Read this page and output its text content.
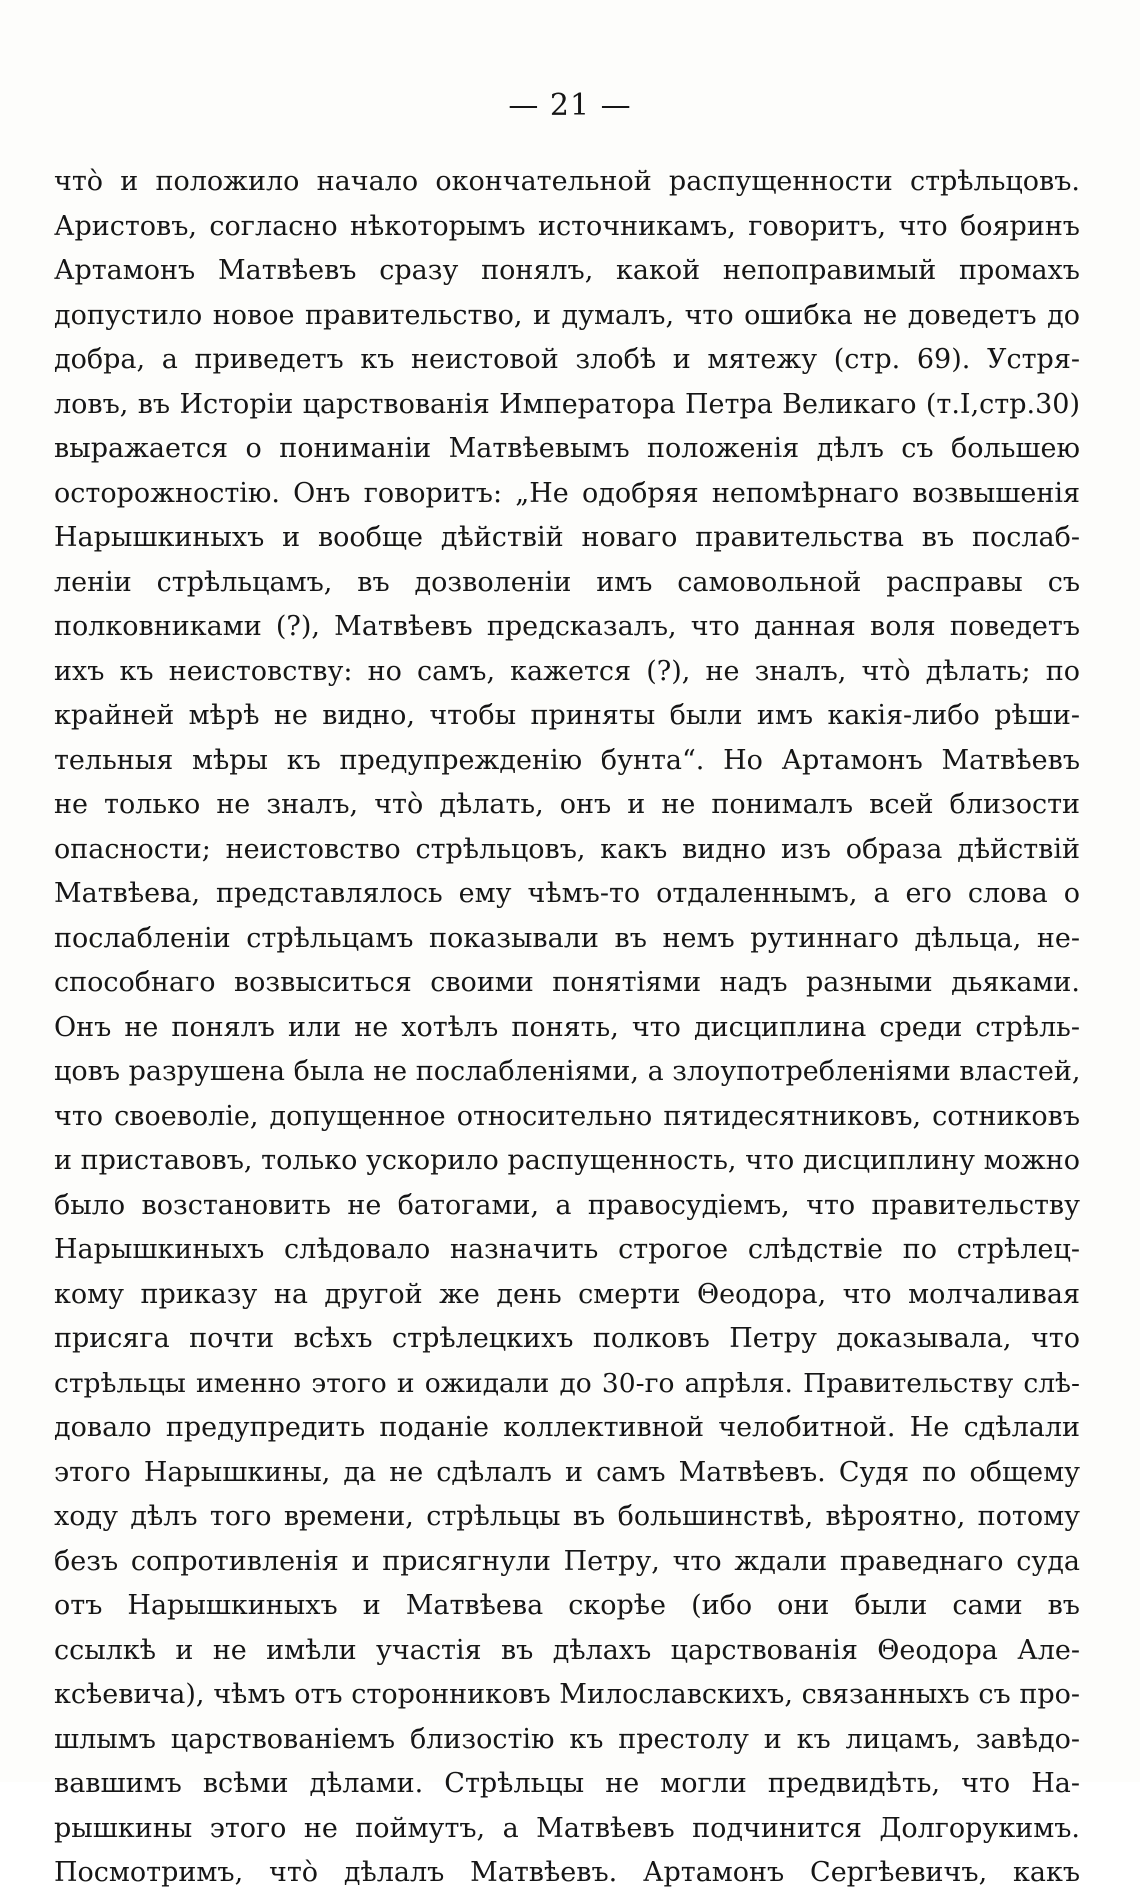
— 21 —
что̀ и положило начало окончательной распущенности стрѣльцовъ.
Аристовъ, согласно нѣкоторымъ источникамъ, говоритъ, что бояринъ
Артамонъ Матвѣевъ сразу понялъ, какой непоправимый промахъ
допустило новое правительство, и думалъ, что ошибка не доведетъ до
добра, а приведетъ къ неистовой злобѣ и мятежу (стр. 69). Устря-
ловъ, въ Исторіи царствованія Императора Петра Великаго (т.I,стр.30)
выражается о пониманіи Матвѣевымъ положенія дѣлъ съ большею
осторожностію. Онъ говоритъ: „Не одобряя непомѣрнаго возвышенія
Нарышкиныхъ и вообще дѣйствій новаго правительства въ послаб-
леніи стрѣльцамъ, въ дозволеніи имъ самовольной расправы съ
полковниками (?), Матвѣевъ предсказалъ, что данная воля поведетъ
ихъ къ неистовству: но самъ, кажется (?), не зналъ, что̀ дѣлать; по
крайней мѣрѣ не видно, чтобы приняты были имъ какія-либо рѣши-
тельныя мѣры къ предупрежденію бунта“. Но Артамонъ Матвѣевъ
не только не зналъ, что̀ дѣлать, онъ и не понималъ всей близости
опасности; неистовство стрѣльцовъ, какъ видно изъ образа дѣйствій
Матвѣева, представлялось ему чѣмъ-то отдаленнымъ, а его слова о
послабленіи стрѣльцамъ показывали въ немъ рутиннаго дѣльца, не-
способнаго возвыситься своими понятіями надъ разными дьяками.
Онъ не понялъ или не хотѣлъ понять, что дисциплина среди стрѣль-
цовъ разрушена была не послабленіями, а злоупотребленіями властей,
что своеволіе, допущенное относительно пятидесятниковъ, сотниковъ
и приставовъ, только ускорило распущенность, что дисциплину можно
было возстановить не батогами, а правосудіемъ, что правительству
Нарышкиныхъ слѣдовало назначить строгое слѣдствіе по стрѣлец-
кому приказу на другой же день смерти Θеодора, что молчаливая
присяга почти всѣхъ стрѣлецкихъ полковъ Петру доказывала, что
стрѣльцы именно этого и ожидали до 30-го апрѣля. Правительству слѣ-
довало предупредить поданіе коллективной челобитной. Не сдѣлали
этого Нарышкины, да не сдѣлалъ и самъ Матвѣевъ. Судя по общему
ходу дѣлъ того времени, стрѣльцы въ большинствѣ, вѣроятно, потому
безъ сопротивленія и присягнули Петру, что ждали праведнаго суда
отъ Нарышкиныхъ и Матвѣева скорѣе (ибо они были сами въ
ссылкѣ и не имѣли участія въ дѣлахъ царствованія Θеодора Але-
ксѣевича), чѣмъ отъ сторонниковъ Милославскихъ, связанныхъ съ про-
шлымъ царствованіемъ близостію къ престолу и къ лицамъ, завѣдо-
вавшимъ всѣми дѣлами. Стрѣльцы не могли предвидѣть, что На-
рышкины этого не поймутъ, а Матвѣевъ подчинится Долгорукимъ.
Посмотримъ, что̀ дѣлалъ Матвѣевъ. Артамонъ Сергѣевичъ, какъ
